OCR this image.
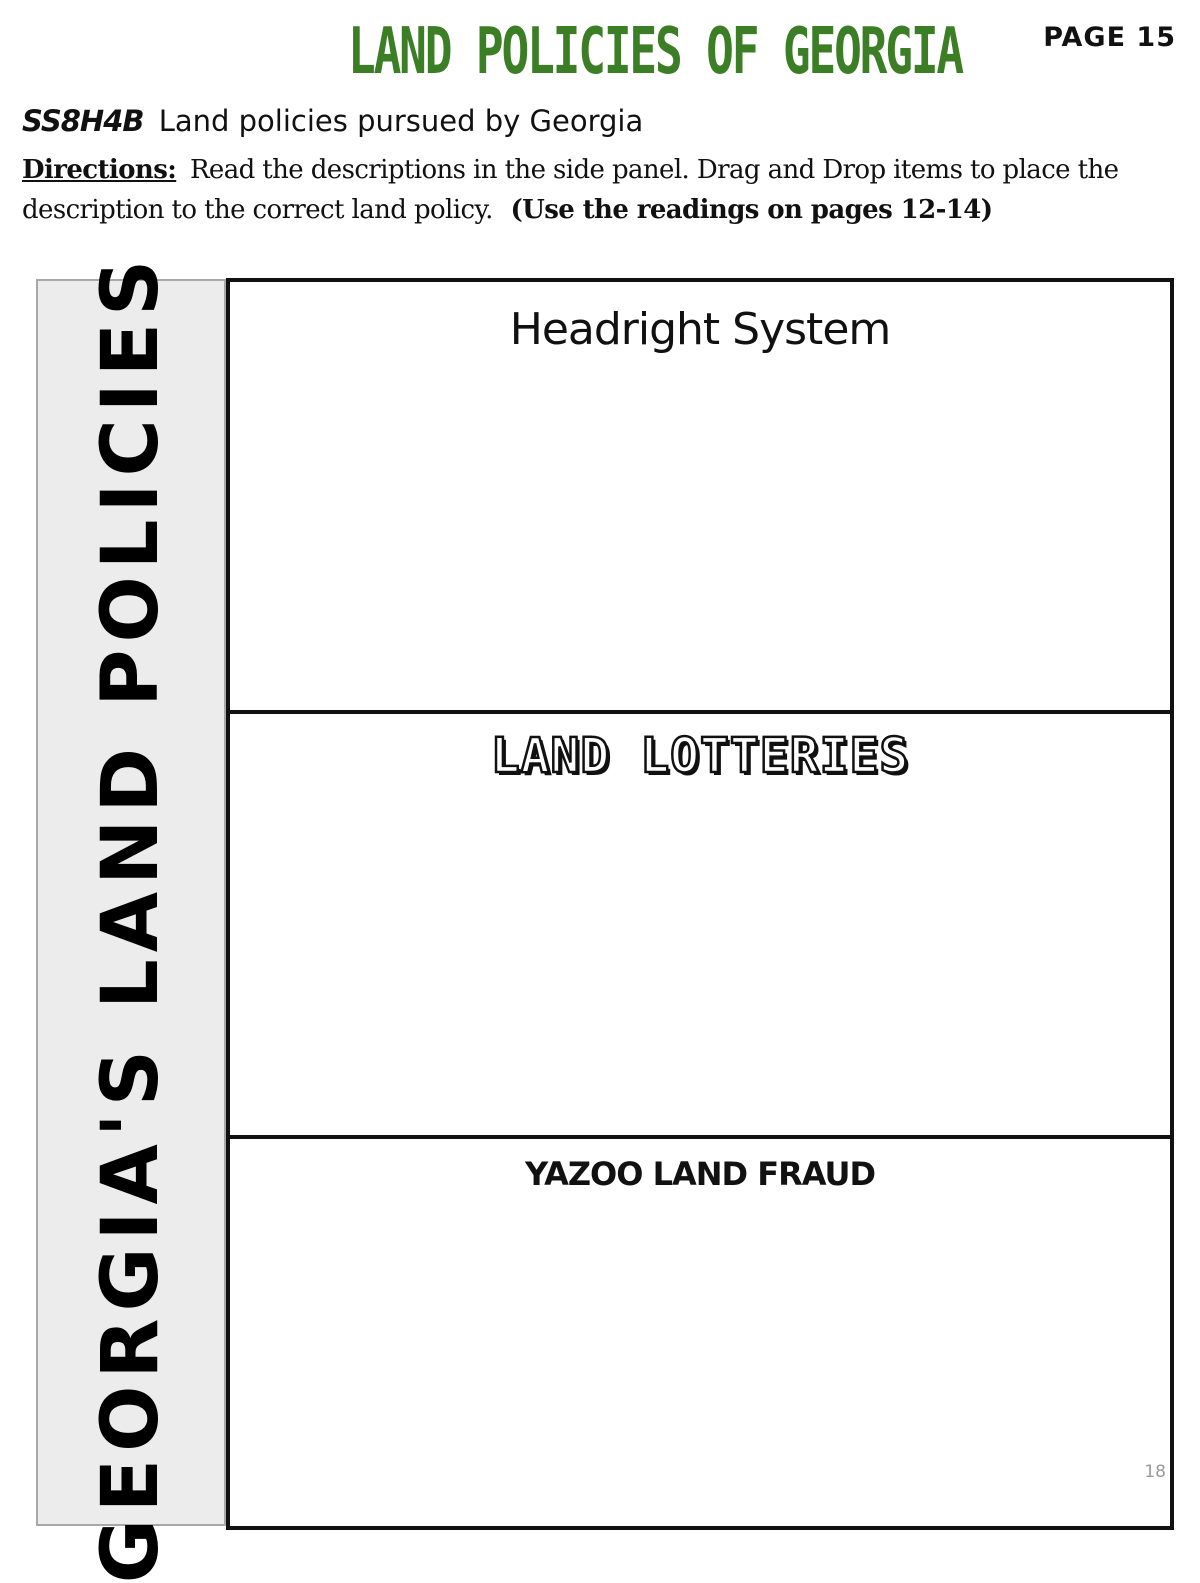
LAND POLICIES OF GEORGIA	PAGE 15
SS8H4B Land policies pursued by Georgia
Directions: Read the descriptions in the side panel. Drag and Drop items to place the description to the correct land policy. (Use the readings on pages 12-14)
GEORGIA'S LAND POLICIES	Headright System
LAND LOTTERIES
YAZOO LAND FRAUD
18
